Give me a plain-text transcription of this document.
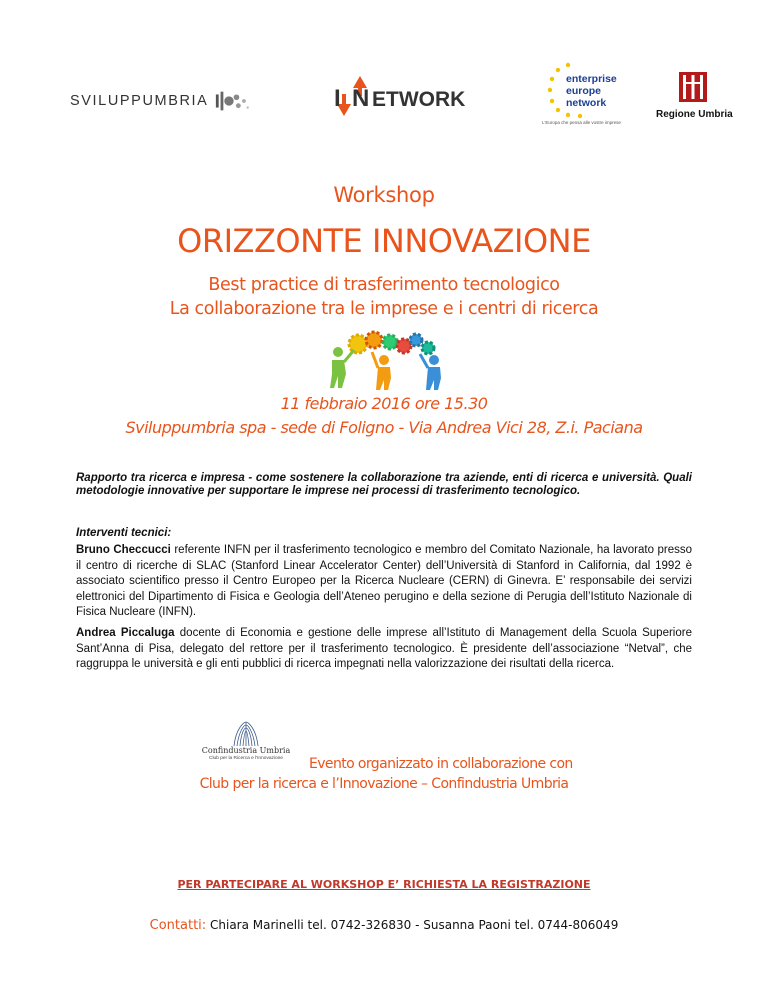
SVILUPPUMBRIA	I N ETWORK
enterprise
europe
network
L'Europa che pensa alle vostre imprese
Regione Umbria
Workshop
ORIZZONTE INNOVAZIONE
Best practice di trasferimento tecnologico
La collaborazione tra le imprese e i centri di ricerca
11 febbraio 2016 ore 15.30
Sviluppumbria spa - sede di Foligno - Via Andrea Vici 28, Z.i. Paciana
Rapporto tra ricerca e impresa - come sostenere la collaborazione tra aziende, enti di ricerca e università. Quali metodologie innovative per supportare le imprese nei processi di trasferimento tecnologico.
Interventi tecnici:
Bruno Checcucci referente INFN per il trasferimento tecnologico e membro del Comitato Nazionale, ha lavorato presso il centro di ricerche di SLAC (Stanford Linear Accelerator Center) dell’Università di Stanford in California, dal 1992 è associato scientifico presso il Centro Europeo per la Ricerca Nucleare (CERN) di Ginevra. E’ responsabile dei servizi elettronici del Dipartimento di Fisica e Geologia dell’Ateneo perugino e della sezione di Perugia dell’Istituto Nazionale di Fisica Nucleare (INFN).
Andrea Piccaluga docente di Economia e gestione delle imprese all’Istituto di Management della Scuola Superiore Sant’Anna di Pisa, delegato del rettore per il trasferimento tecnologico. È presidente dell’associazione “Netval”, che raggruppa le università e gli enti pubblici di ricerca impegnati nella valorizzazione dei risultati della ricerca.
Confindustria Umbria
Club per la Ricerca e l'Innovazione	Evento organizzato in collaborazione con
Club per la ricerca e l’Innovazione – Confindustria Umbria
PER PARTECIPARE AL WORKSHOP E’ RICHIESTA LA REGISTRAZIONE
Contatti: Chiara Marinelli tel. 0742-326830 - Susanna Paoni tel. 0744-806049
